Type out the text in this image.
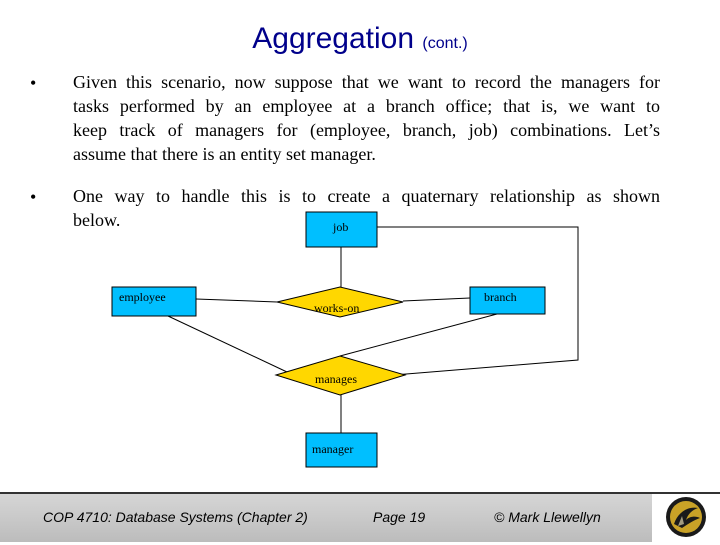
Aggregation (cont.)
• Given this scenario, now suppose that we want to record the managers for
tasks performed by an employee at a branch office; that is, we want to
keep track of managers for (employee, branch, job) combinations. Let’s
assume that there is an entity set manager.
• One way to handle this is to create a quaternary relationship as shown
below.	job
employee	branch
manager
works-on
manages
COP 4710: Database Systems (Chapter 2)	Page 19	© Mark Llewellyn
